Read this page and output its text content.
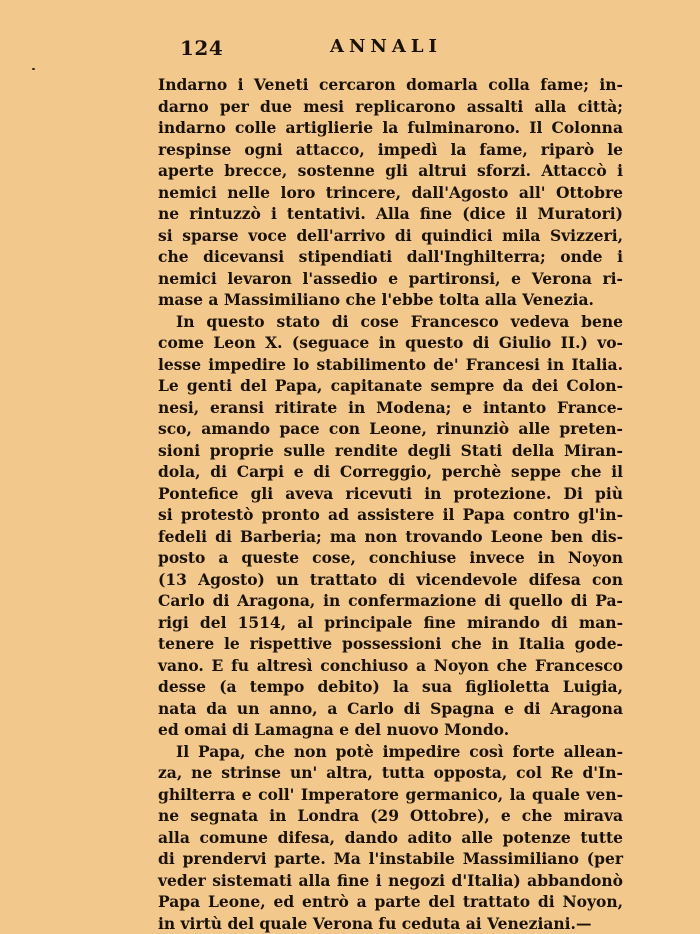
124	ANNALI
Indarno i Veneti cercaron domarla colla fame; in-
darno per due mesi replicarono assalti alla città;
indarno colle artiglierie la fulminarono. Il Colonna
respinse ogni attacco, impedì la fame, riparò le
aperte brecce, sostenne gli altrui sforzi. Attaccò i
nemici nelle loro trincere, dall'Agosto all' Ottobre
ne rintuzzò i tentativi. Alla fine (dice il Muratori)
si sparse voce dell'arrivo di quindici mila Svizzeri,
che dicevansi stipendiati dall'Inghilterra; onde i
nemici levaron l'assedio e partironsi, e Verona ri-
mase a Massimiliano che l'ebbe tolta alla Venezia.
In questo stato di cose Francesco vedeva bene
come Leon X. (seguace in questo di Giulio II.) vo-
lesse impedire lo stabilimento de' Francesi in Italia.
Le genti del Papa, capitanate sempre da dei Colon-
nesi, eransi ritirate in Modena; e intanto France-
sco, amando pace con Leone, rinunziò alle preten-
sioni proprie sulle rendite degli Stati della Miran-
dola, di Carpi e di Correggio, perchè seppe che il
Pontefice gli aveva ricevuti in protezione. Di più
si protestò pronto ad assistere il Papa contro gl'in-
fedeli di Barberia; ma non trovando Leone ben dis-
posto a queste cose, conchiuse invece in Noyon
(13 Agosto) un trattato di vicendevole difesa con
Carlo di Aragona, in confermazione di quello di Pa-
rigi del 1514, al principale fine mirando di man-
tenere le rispettive possessioni che in Italia gode-
vano. E fu altresì conchiuso a Noyon che Francesco
desse (a tempo debito) la sua figlioletta Luigia,
nata da un anno, a Carlo di Spagna e di Aragona
ed omai di Lamagna e del nuovo Mondo.
Il Papa, che non potè impedire così forte allean-
za, ne strinse un' altra, tutta opposta, col Re d'In-
ghilterra e coll' Imperatore germanico, la quale ven-
ne segnata in Londra (29 Ottobre), e che mirava
alla comune difesa, dando adito alle potenze tutte
di prendervi parte. Ma l'instabile Massimiliano (per
veder sistemati alla fine i negozi d'Italia) abbandonò
Papa Leone, ed entrò a parte del trattato di Noyon,
in virtù del quale Verona fu ceduta ai Veneziani.—
